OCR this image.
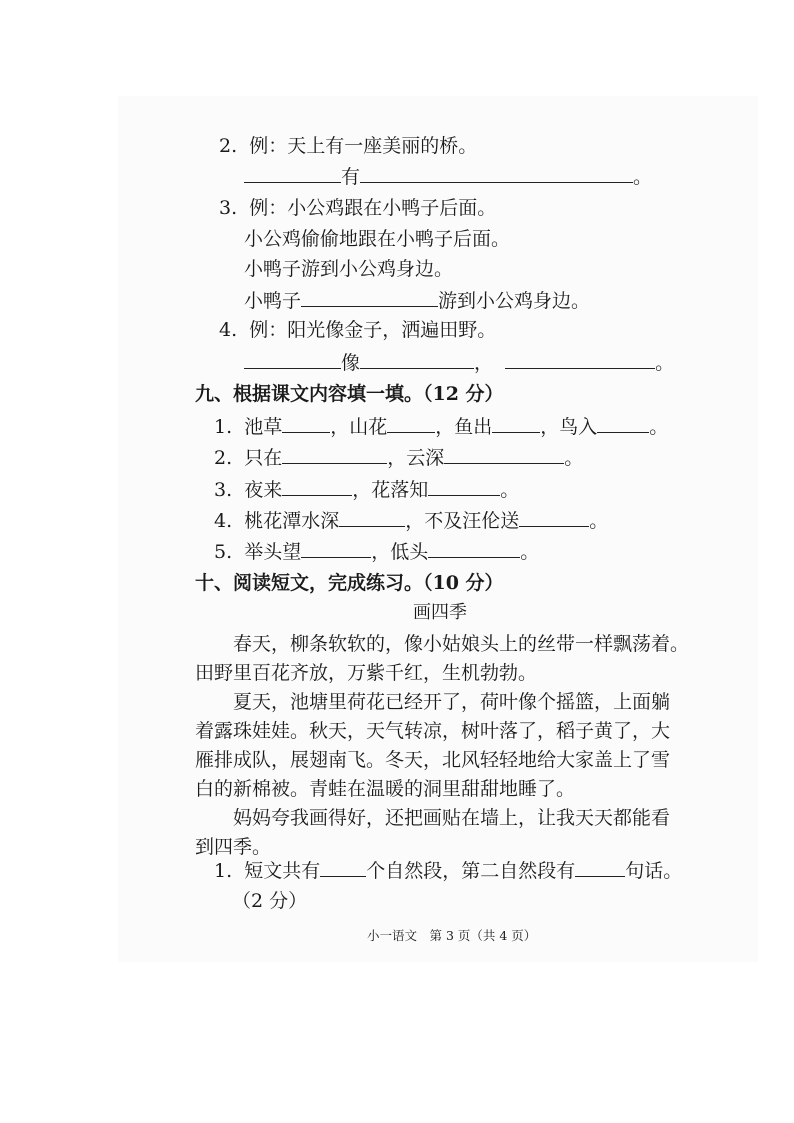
2. 例：天上有一座美丽的桥。
有	。
3. 例：小公鸡跟在小鸭子后面。
小公鸡偷偷地跟在小鸭子后面。
小鸭子游到小公鸡身边。
小鸭子	游到小公鸡身边。
4. 例：阳光像金子，洒遍田野。
像	，	。
九、根据课文内容填一填。（12 分）
1. 池草	，山花	，鱼出	，鸟入	。
2. 只在	，云深	。
3. 夜来	，花落知	。
4. 桃花潭水深	，不及汪伦送	。
5. 举头望	，低头	。
十、阅读短文，完成练习。（10 分）
画四季
春天，柳条软软的，像小姑娘头上的丝带一样飘荡着。
田野里百花齐放，万紫千红，生机勃勃。
夏天，池塘里荷花已经开了，荷叶像个摇篮，上面躺
着露珠娃娃。秋天，天气转凉，树叶落了，稻子黄了，大
雁排成队，展翅南飞。冬天，北风轻轻地给大家盖上了雪
白的新棉被。青蛙在温暖的洞里甜甜地睡了。
妈妈夸我画得好，还把画贴在墙上，让我天天都能看
到四季。
1. 短文共有 个自然段，第二自然段有	句话。
（2 分）
小一语文　第 3 页（共 4 页）
